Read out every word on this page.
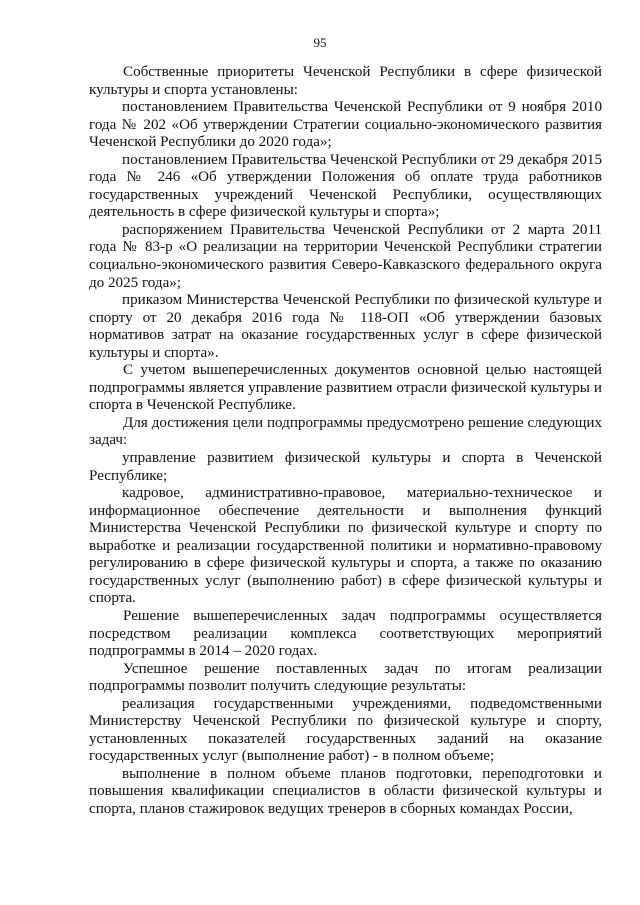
95

Собственные приоритеты Чеченской Республики в сфере физической культуры и спорта установлены:

постановлением Правительства Чеченской Республики от 9 ноября 2010 года № 202 «Об утверждении Стратегии социально-экономического развития Чеченской Республики до 2020 года»;

постановлением Правительства Чеченской Республики от 29 декабря 2015 года № 246 «Об утверждении Положения об оплате труда работников государственных учреждений Чеченской Республики, осуществляющих деятельность в сфере физической культуры и спорта»;

распоряжением Правительства Чеченской Республики от 2 марта 2011 года № 83-р «О реализации на территории Чеченской Республики стратегии социально-экономического развития Северо-Кавказского федерального округа до 2025 года»;

приказом Министерства Чеченской Республики по физической культуре и спорту от 20 декабря 2016 года № 118-ОП «Об утверждении базовых нормативов затрат на оказание государственных услуг в сфере физической культуры и спорта».

С учетом вышеперечисленных документов основной целью настоящей подпрограммы является управление развитием отрасли физической культуры и спорта в Чеченской Республике.

Для достижения цели подпрограммы предусмотрено решение следующих задач:

управление развитием физической культуры и спорта в Чеченской Республике;

кадровое, административно-правовое, материально-техническое и информационное обеспечение деятельности и выполнения функций Министерства Чеченской Республики по физической культуре и спорту по выработке и реализации государственной политики и нормативно-правовому регулированию в сфере физической культуры и спорта, а также по оказанию государственных услуг (выполнению работ) в сфере физической культуры и спорта.

Решение вышеперечисленных задач подпрограммы осуществляется посредством реализации комплекса соответствующих мероприятий подпрограммы в 2014 – 2020 годах.

Успешное решение поставленных задач по итогам реализации подпрограммы позволит получить следующие результаты:

реализация государственными учреждениями, подведомственными Министерству Чеченской Республики по физической культуре и спорту, установленных показателей государственных заданий на оказание государственных услуг (выполнение работ) - в полном объеме;

выполнение в полном объеме планов подготовки, переподготовки и повышения квалификации специалистов в области физической культуры и спорта, планов стажировок ведущих тренеров в сборных командах России,
